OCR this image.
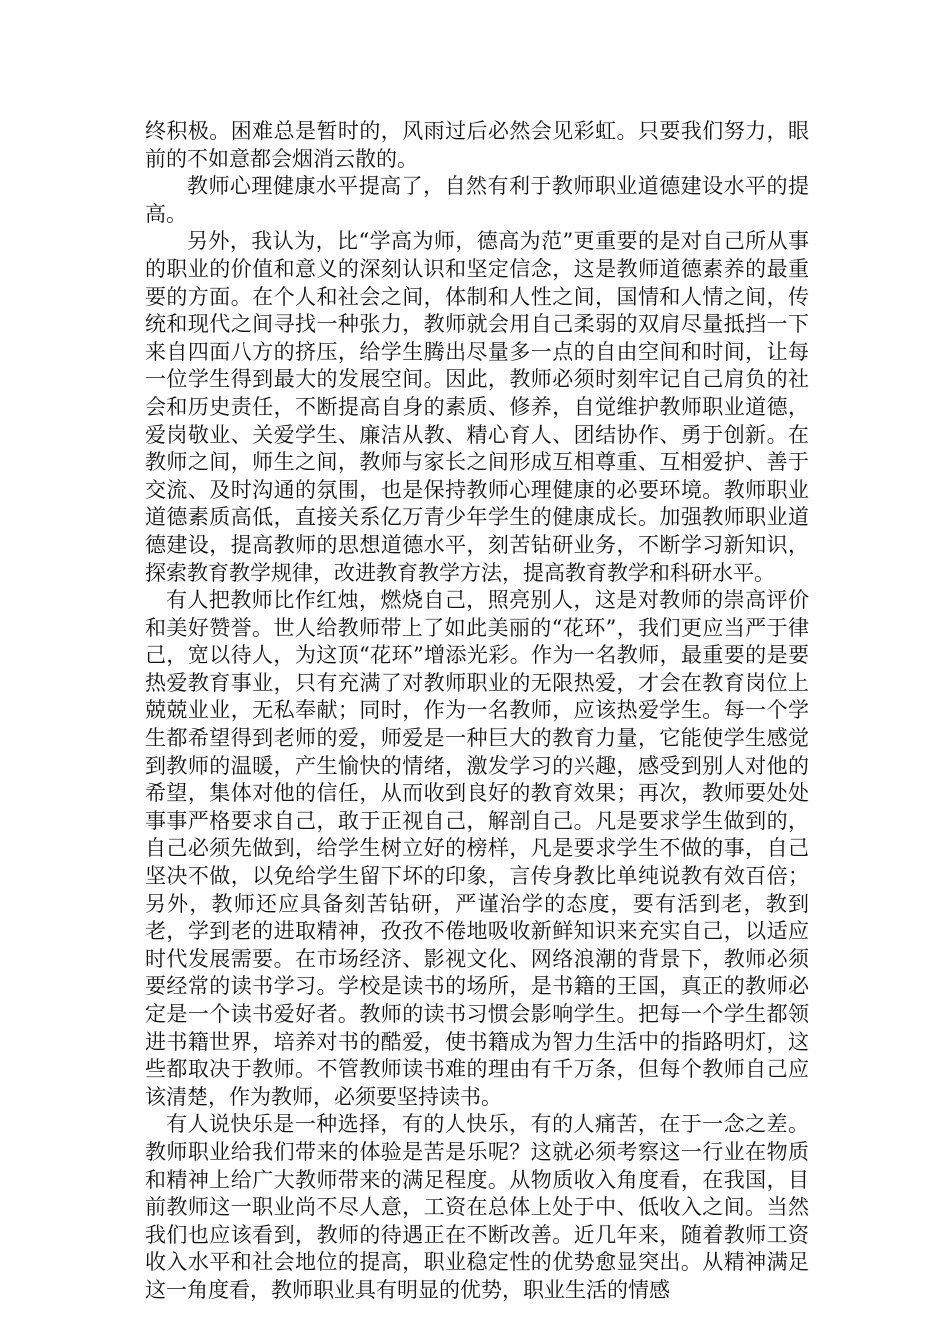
终积极。困难总是暂时的，风雨过后必然会见彩虹。只要我们努力，眼前的不如意都会烟消云散的。

教师心理健康水平提高了，自然有利于教师职业道德建设水平的提高。

另外，我认为，比“学高为师，德高为范”更重要的是对自己所从事的职业的价值和意义的深刻认识和坚定信念，这是教师道德素养的最重要的方面。在个人和社会之间，体制和人性之间，国情和人情之间，传统和现代之间寻找一种张力，教师就会用自己柔弱的双肩尽量抵挡一下来自四面八方的挤压，给学生腾出尽量多一点的自由空间和时间，让每一位学生得到最大的发展空间。因此，教师必须时刻牢记自己肩负的社会和历史责任，不断提高自身的素质、修养，自觉维护教师职业道德，爱岗敬业、关爱学生、廉洁从教、精心育人、团结协作、勇于创新。在教师之间，师生之间，教师与家长之间形成互相尊重、互相爱护、善于交流、及时沟通的氛围，也是保持教师心理健康的必要环境。教师职业道德素质高低，直接关系亿万青少年学生的健康成长。加强教师职业道德建设，提高教师的思想道德水平，刻苦钻研业务，不断学习新知识，探索教育教学规律，改进教育教学方法，提高教育教学和科研水平。

有人把教师比作红烛，燃烧自己，照亮别人，这是对教师的崇高评价和美好赞誉。世人给教师带上了如此美丽的“花环”，我们更应当严于律己，宽以待人，为这顶“花环”增添光彩。作为一名教师，最重要的是要热爱教育事业，只有充满了对教师职业的无限热爱，才会在教育岗位上兢兢业业，无私奉献；同时，作为一名教师，应该热爱学生。每一个学生都希望得到老师的爱，师爱是一种巨大的教育力量，它能使学生感觉到教师的温暖，产生愉快的情绪，激发学习的兴趣，感受到别人对他的希望，集体对他的信任，从而收到良好的教育效果；再次，教师要处处事事严格要求自己，敢于正视自己，解剖自己。凡是要求学生做到的，自己必须先做到，给学生树立好的榜样，凡是要求学生不做的事，自己坚决不做，以免给学生留下坏的印象，言传身教比单纯说教有效百倍；另外，教师还应具备刻苦钻研，严谨治学的态度，要有活到老，教到老，学到老的进取精神，孜孜不倦地吸收新鲜知识来充实自己，以适应时代发展需要。在市场经济、影视文化、网络浪潮的背景下，教师必须要经常的读书学习。学校是读书的场所，是书籍的王国，真正的教师必定是一个读书爱好者。教师的读书习惯会影响学生。把每一个学生都领进书籍世界，培养对书的酷爱，使书籍成为智力生活中的指路明灯，这些都取决于教师。不管教师读书难的理由有千万条，但每个教师自己应该清楚，作为教师，必须要坚持读书。

有人说快乐是一种选择，有的人快乐，有的人痛苦，在于一念之差。教师职业给我们带来的体验是苦是乐呢？这就必须考察这一行业在物质和精神上给广大教师带来的满足程度。从物质收入角度看，在我国，目前教师这一职业尚不尽人意，工资在总体上处于中、低收入之间。当然我们也应该看到，教师的待遇正在不断改善。近几年来，随着教师工资收入水平和社会地位的提高，职业稳定性的优势愈显突出。从精神满足这一角度看，教师职业具有明显的优势，职业生活的情感
